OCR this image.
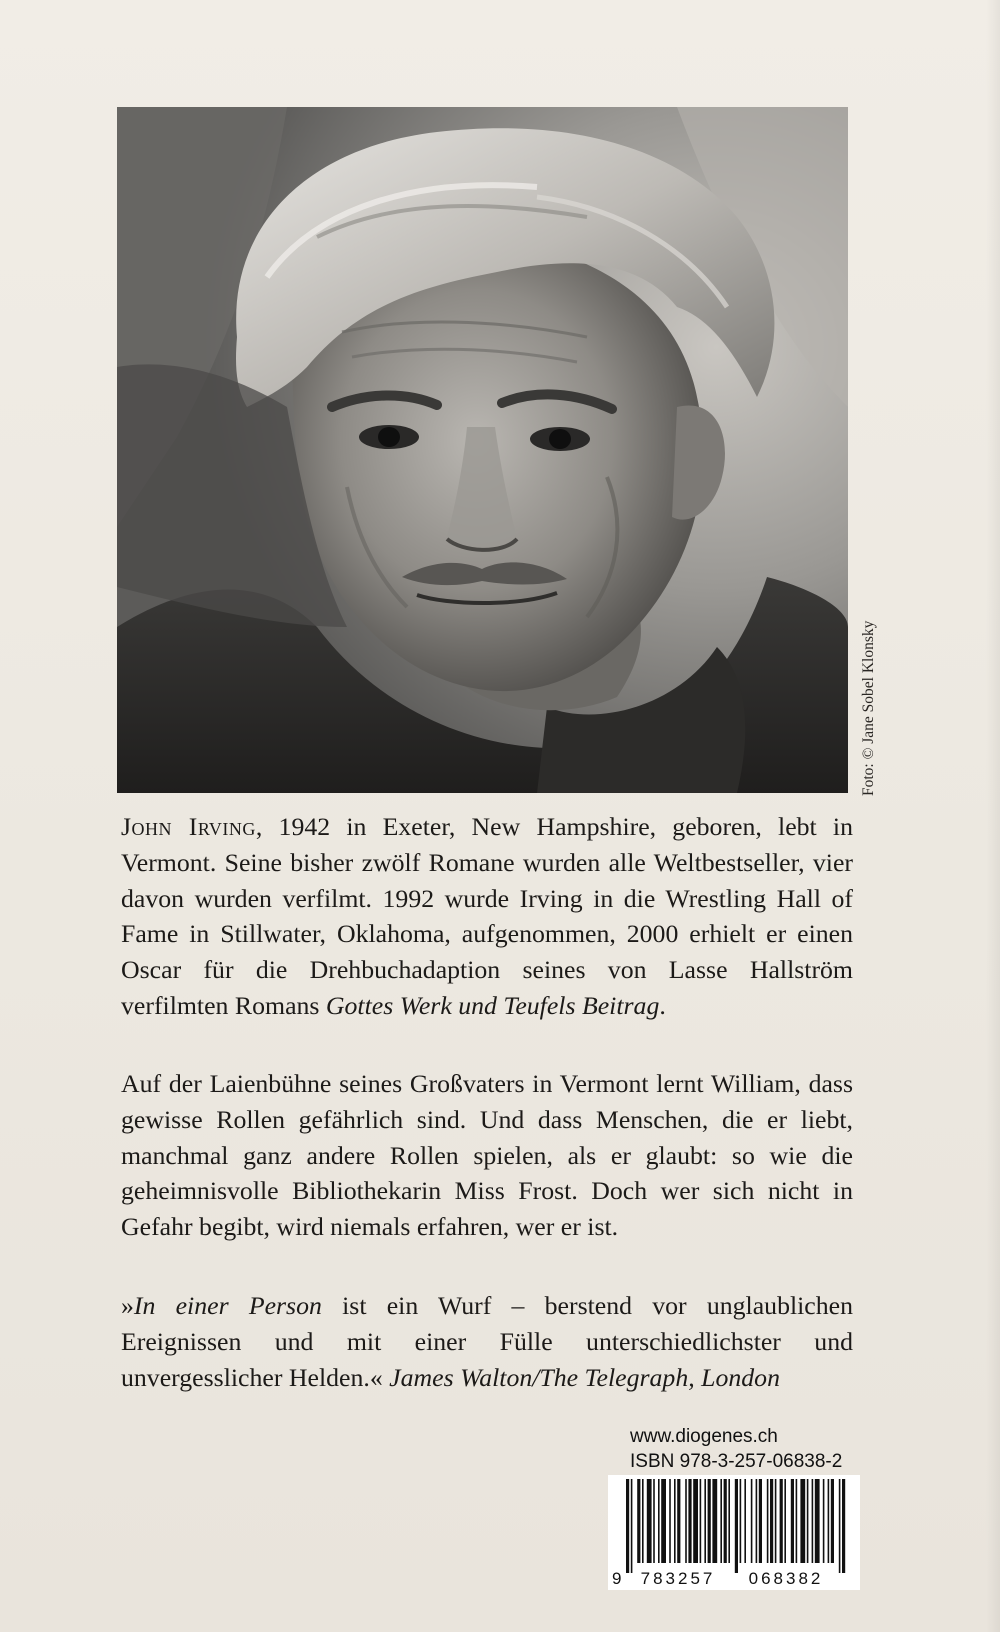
Foto: © Jane Sobel Klonsky

John Irving, 1942 in Exeter, New Hampshire, geboren, lebt in Vermont. Seine bisher zwölf Romane wurden alle Weltbestseller, vier davon wurden verfilmt. 1992 wurde Irving in die Wrestling Hall of Fame in Stillwater, Oklahoma, aufgenommen, 2000 erhielt er einen Oscar für die Drehbuchadaption seines von Lasse Hallström verfilmten Romans Gottes Werk und Teufels Beitrag.

Auf der Laienbühne seines Großvaters in Vermont lernt William, dass gewisse Rollen gefährlich sind. Und dass Menschen, die er liebt, manchmal ganz andere Rollen spielen, als er glaubt: so wie die geheimnisvolle Bibliothekarin Miss Frost. Doch wer sich nicht in Gefahr begibt, wird niemals erfahren, wer er ist.

»In einer Person ist ein Wurf – berstend vor unglaublichen Ereignissen und mit einer Fülle unterschiedlichster und unvergesslicher Helden.« James Walton/The Telegraph, London

www.diogenes.ch
ISBN 978-3-257-06838-2
9 783257 068382
